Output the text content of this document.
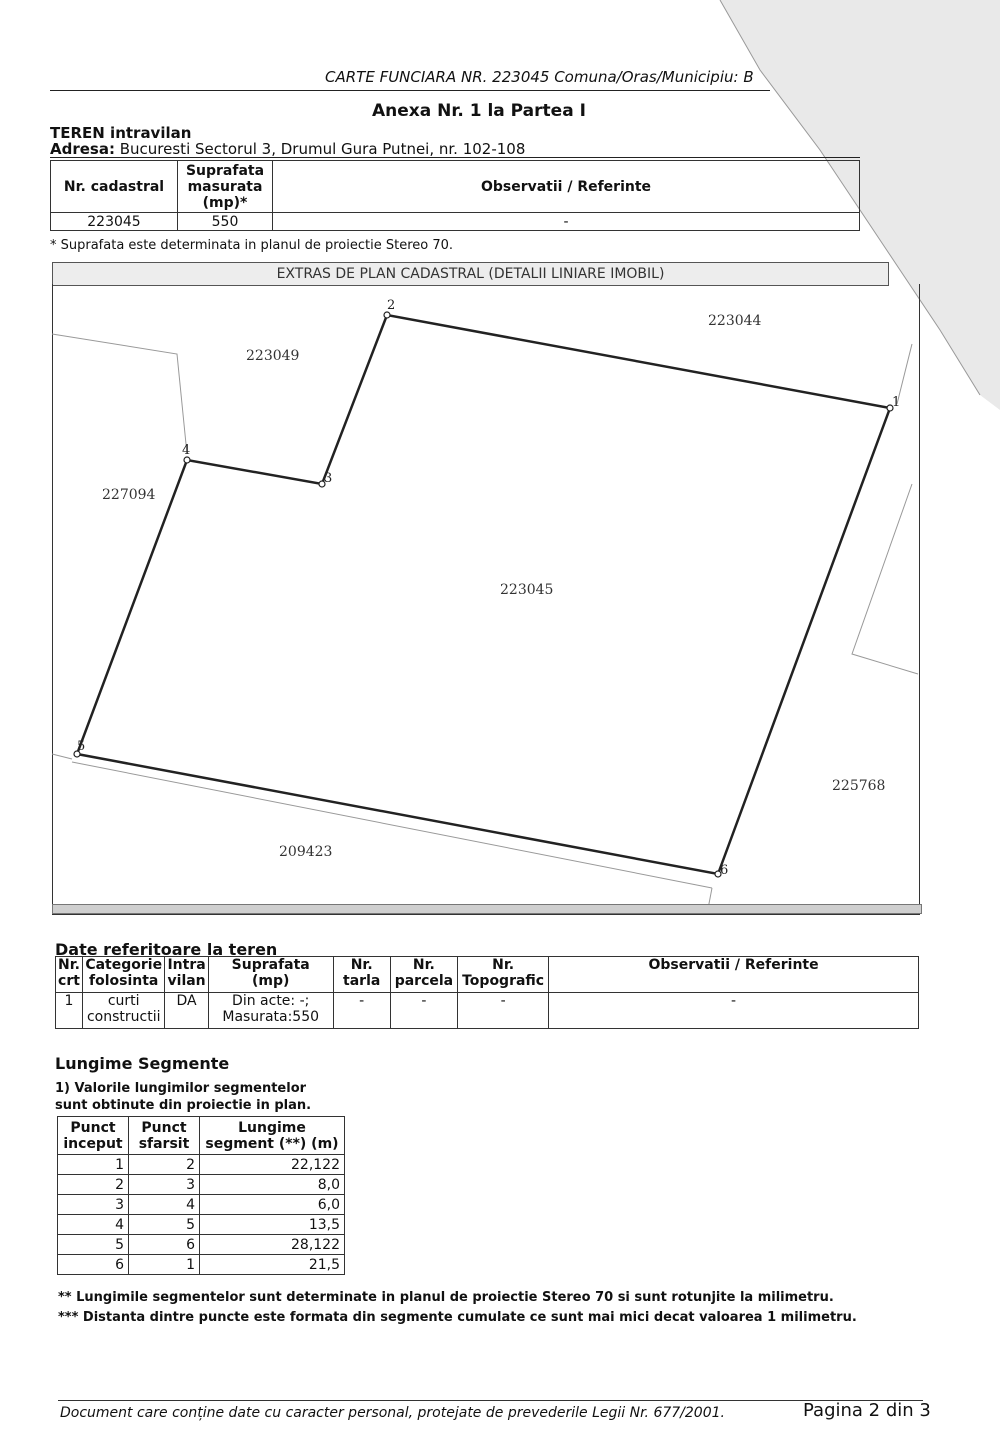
CARTE FUNCIARA NR. 223045 Comuna/Oras/Municipiu: B
Anexa Nr. 1 la Partea I
TEREN intravilan
Adresa: Bucuresti Sectorul 3, Drumul Gura Putnei, nr. 102-108
Nr. cadastral	Suprafata masurata (mp)*	Observatii / Referinte
223045	550	-
* Suprafata este determinata in planul de proiectie Stereo 70.
EXTRAS DE PLAN CADASTRAL (DETALII LINIARE IMOBIL)
1
2
3
4
5
6
223044
223049
227094
223045
225768
209423
Date referitoare la teren
Nr. crt	Categorie folosinta	Intra vilan	Suprafata (mp)	Nr. tarla	Nr. parcela	Nr. Topografic	Observatii / Referinte
1	curti constructii	DA	Din acte: -; Masurata:550	-	-	-	-
Lungime Segmente
1) Valorile lungimilor segmentelor sunt obtinute din proiectie in plan.
Punct inceput	Punct sfarsit	Lungime segment (**) (m)
1	2	22,122
2	3	8,0
3	4	6,0
4	5	13,5
5	6	28,122
6	1	21,5
** Lungimile segmentelor sunt determinate in planul de proiectie Stereo 70 si sunt rotunjite la milimetru.
*** Distanta dintre puncte este formata din segmente cumulate ce sunt mai mici decat valoarea 1 milimetru.
Document care conține date cu caracter personal, protejate de prevederile Legii Nr. 677/2001.	Pagina 2 din 3
